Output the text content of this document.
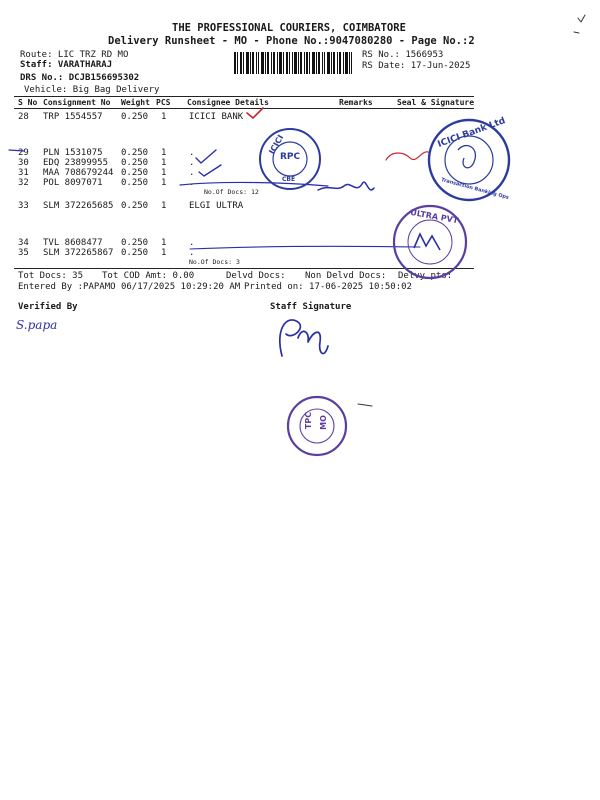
THE PROFESSIONAL COURIERS, COIMBATORE
Delivery Runsheet - MO - Phone No.:9047080280 - Page No.:2
Route: LIC TRZ RD MO
Staff: VARATHARAJ
DRS No.: DCJB156695302
Vehicle: Big Bag Delivery
RS No.: 1566953
RS Date: 17-Jun-2025
S No Consignment No Weight PCS Consignee Details	Remarks	Seal & Signature
28 TRP 1554557 0.250 1	ICICI BANK
29 PLN 1531075 0.250 1	.
30 EDQ 23899955 0.250 1	.
31 MAA 708679244 0.250 1	.
32 POL 8097071 0.250 1	.
No.Of Docs: 12
33 SLM 372265685 0.250 1	ELGI ULTRA
34 TVL 8608477 0.250 1	.
35 SLM 372265867 0.250 1	.
No.Of Docs: 3
Tot Docs: 35 Tot COD Amt: 0.00	Delvd Docs: Non Delvd Docs: Delvy pts:
Entered By :PAPAMO 06/17/2025 10:29:20 AM Printed on: 17-06-2025 10:50:02
Verified By	Staff Signature
S.papa
ICICI
RPC
CBE
ICICI Bank Ltd
Transaction Banking Ops
ULTRA PVT
TPC MO
